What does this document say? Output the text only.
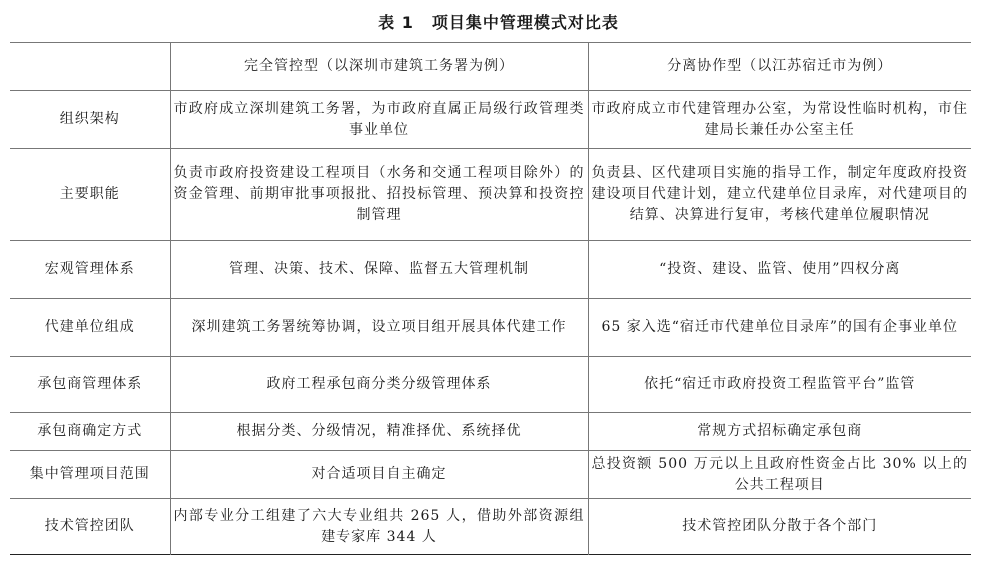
表 1 项目集中管理模式对比表
	完全管控型（以深圳市建筑工务署为例）	分离协作型（以江苏宿迁市为例）
组织架构	市政府成立深圳建筑工务署，为市政府直属正局级行政管理类事业单位	市政府成立市代建管理办公室，为常设性临时机构，市住建局长兼任办公室主任
主要职能	负责市政府投资建设工程项目（水务和交通工程项目除外）的资金管理、前期审批事项报批、招投标管理、预决算和投资控制管理	负责县、区代建项目实施的指导工作，制定年度政府投资建设项目代建计划，建立代建单位目录库，对代建项目的结算、决算进行复审，考核代建单位履职情况
宏观管理体系	管理、决策、技术、保障、监督五大管理机制	“投资、建设、监管、使用”四权分离
代建单位组成	深圳建筑工务署统筹协调，设立项目组开展具体代建工作	65 家入选“宿迁市代建单位目录库”的国有企事业单位
承包商管理体系	政府工程承包商分类分级管理体系	依托“宿迁市政府投资工程监管平台”监管
承包商确定方式	根据分类、分级情况，精准择优、系统择优	常规方式招标确定承包商
集中管理项目范围	对合适项目自主确定	总投资额 500 万元以上且政府性资金占比 30% 以上的公共工程项目
技术管控团队	内部专业分工组建了六大专业组共 265 人，借助外部资源组建专家库 344 人	技术管控团队分散于各个部门
